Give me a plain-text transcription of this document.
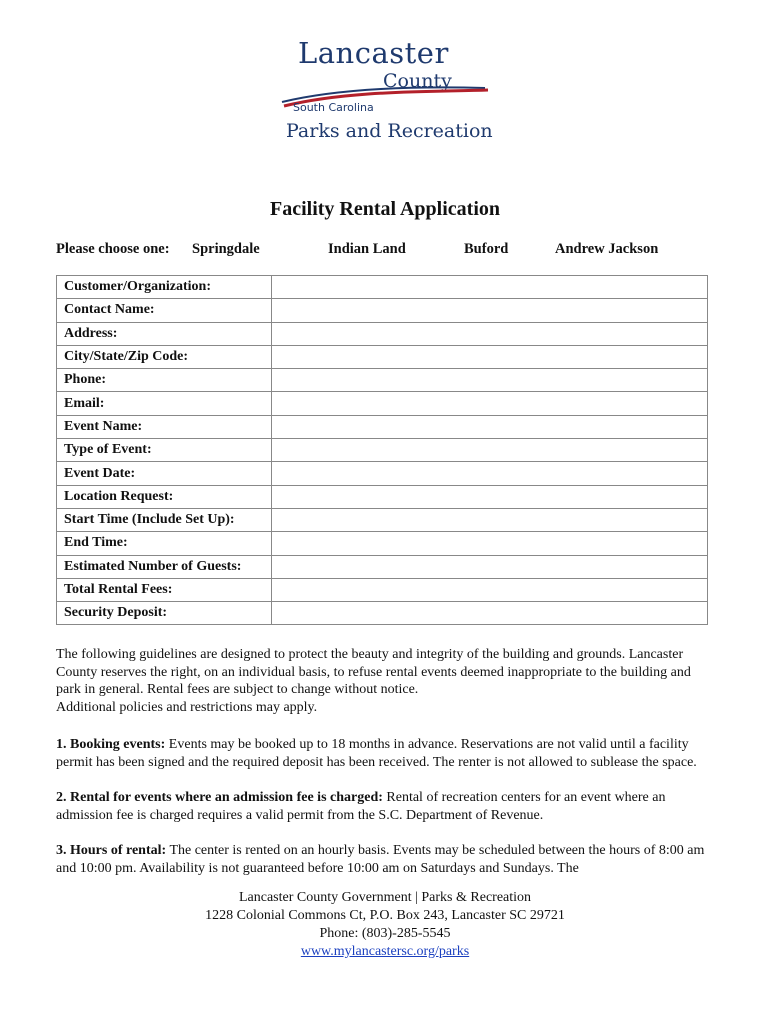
Lancaster
County
South Carolina
Parks and Recreation
Facility Rental Application
Please choose one: Springdale	Indian Land	Buford	Andrew Jackson
Customer/Organization:	
Contact Name:	
Address:	
City/State/Zip Code:	
Phone:	
Email:	
Event Name:	
Type of Event:	
Event Date:	
Location Request:	
Start Time (Include Set Up):	
End Time:	
Estimated Number of Guests:	
Total Rental Fees:	
Security Deposit:	
The following guidelines are designed to protect the beauty and integrity of the building and grounds. Lancaster County reserves the right, on an individual basis, to refuse rental events deemed inappropriate to the building and park in general. Rental fees are subject to change without notice.
Additional policies and restrictions may apply.
1. Booking events: Events may be booked up to 18 months in advance. Reservations are not valid until a facility permit has been signed and the required deposit has been received. The renter is not allowed to sublease the space.
2. Rental for events where an admission fee is charged: Rental of recreation centers for an event where an admission fee is charged requires a valid permit from the S.C. Department of Revenue.
3. Hours of rental: The center is rented on an hourly basis. Events may be scheduled between the hours of 8:00 am and 10:00 pm. Availability is not guaranteed before 10:00 am on Saturdays and Sundays. The
Lancaster County Government | Parks & Recreation
1228 Colonial Commons Ct, P.O. Box 243, Lancaster SC 29721
Phone: (803)-285-5545
www.mylancastersc.org/parks
